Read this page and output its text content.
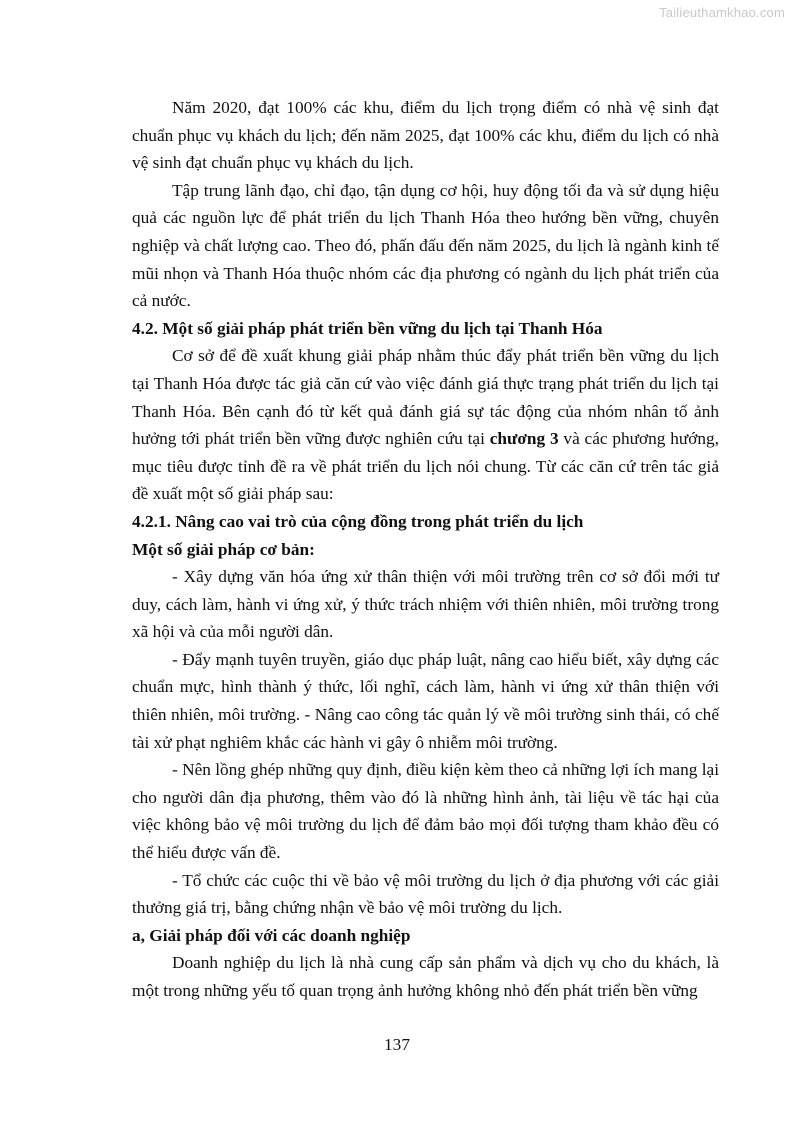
Tailieuthamkhao.com

Năm 2020, đạt 100% các khu, điểm du lịch trọng điểm có nhà vệ sinh đạt chuẩn phục vụ khách du lịch; đến năm 2025, đạt 100% các khu, điểm du lịch có nhà vệ sinh đạt chuẩn phục vụ khách du lịch.

Tập trung lãnh đạo, chỉ đạo, tận dụng cơ hội, huy động tối đa và sử dụng hiệu quả các nguồn lực để phát triển du lịch Thanh Hóa theo hướng bền vững, chuyên nghiệp và chất lượng cao. Theo đó, phấn đấu đến năm 2025, du lịch là ngành kinh tế mũi nhọn và Thanh Hóa thuộc nhóm các địa phương có ngành du lịch phát triển của cả nước.

4.2. Một số giải pháp phát triển bền vững du lịch tại Thanh Hóa

Cơ sở để đề xuất khung giải pháp nhằm thúc đẩy phát triển bền vững du lịch tại Thanh Hóa được tác giả căn cứ vào việc đánh giá thực trạng phát triển du lịch tại Thanh Hóa. Bên cạnh đó từ kết quả đánh giá sự tác động của nhóm nhân tố ảnh hưởng tới phát triển bền vững được nghiên cứu tại chương 3 và các phương hướng, mục tiêu được tỉnh đề ra về phát triển du lịch nói chung. Từ các căn cứ trên tác giả đề xuất một số giải pháp sau:

4.2.1. Nâng cao vai trò của cộng đồng trong phát triển du lịch

Một số giải pháp cơ bản:

- Xây dựng văn hóa ứng xử thân thiện với môi trường trên cơ sở đổi mới tư duy, cách làm, hành vi ứng xử, ý thức trách nhiệm với thiên nhiên, môi trường trong xã hội và của mỗi người dân.

- Đẩy mạnh tuyên truyền, giáo dục pháp luật, nâng cao hiểu biết, xây dựng các chuẩn mực, hình thành ý thức, lối nghĩ, cách làm, hành vi ứng xử thân thiện với thiên nhiên, môi trường. - Nâng cao công tác quản lý về môi trường sinh thái, có chế tài xử phạt nghiêm khắc các hành vi gây ô nhiễm môi trường.

- Nên lồng ghép những quy định, điều kiện kèm theo cả những lợi ích mang lại cho người dân địa phương, thêm vào đó là những hình ảnh, tài liệu về tác hại của việc không bảo vệ môi trường du lịch để đảm bảo mọi đối tượng tham khảo đều có thể hiểu được vấn đề.

- Tổ chức các cuộc thi về bảo vệ môi trường du lịch ở địa phương với các giải thưởng giá trị, bằng chứng nhận về bảo vệ môi trường du lịch.

a, Giải pháp đối với các doanh nghiệp

Doanh nghiệp du lịch là nhà cung cấp sản phẩm và dịch vụ cho du khách, là một trong những yếu tố quan trọng ảnh hưởng không nhỏ đến phát triển bền vững

137
